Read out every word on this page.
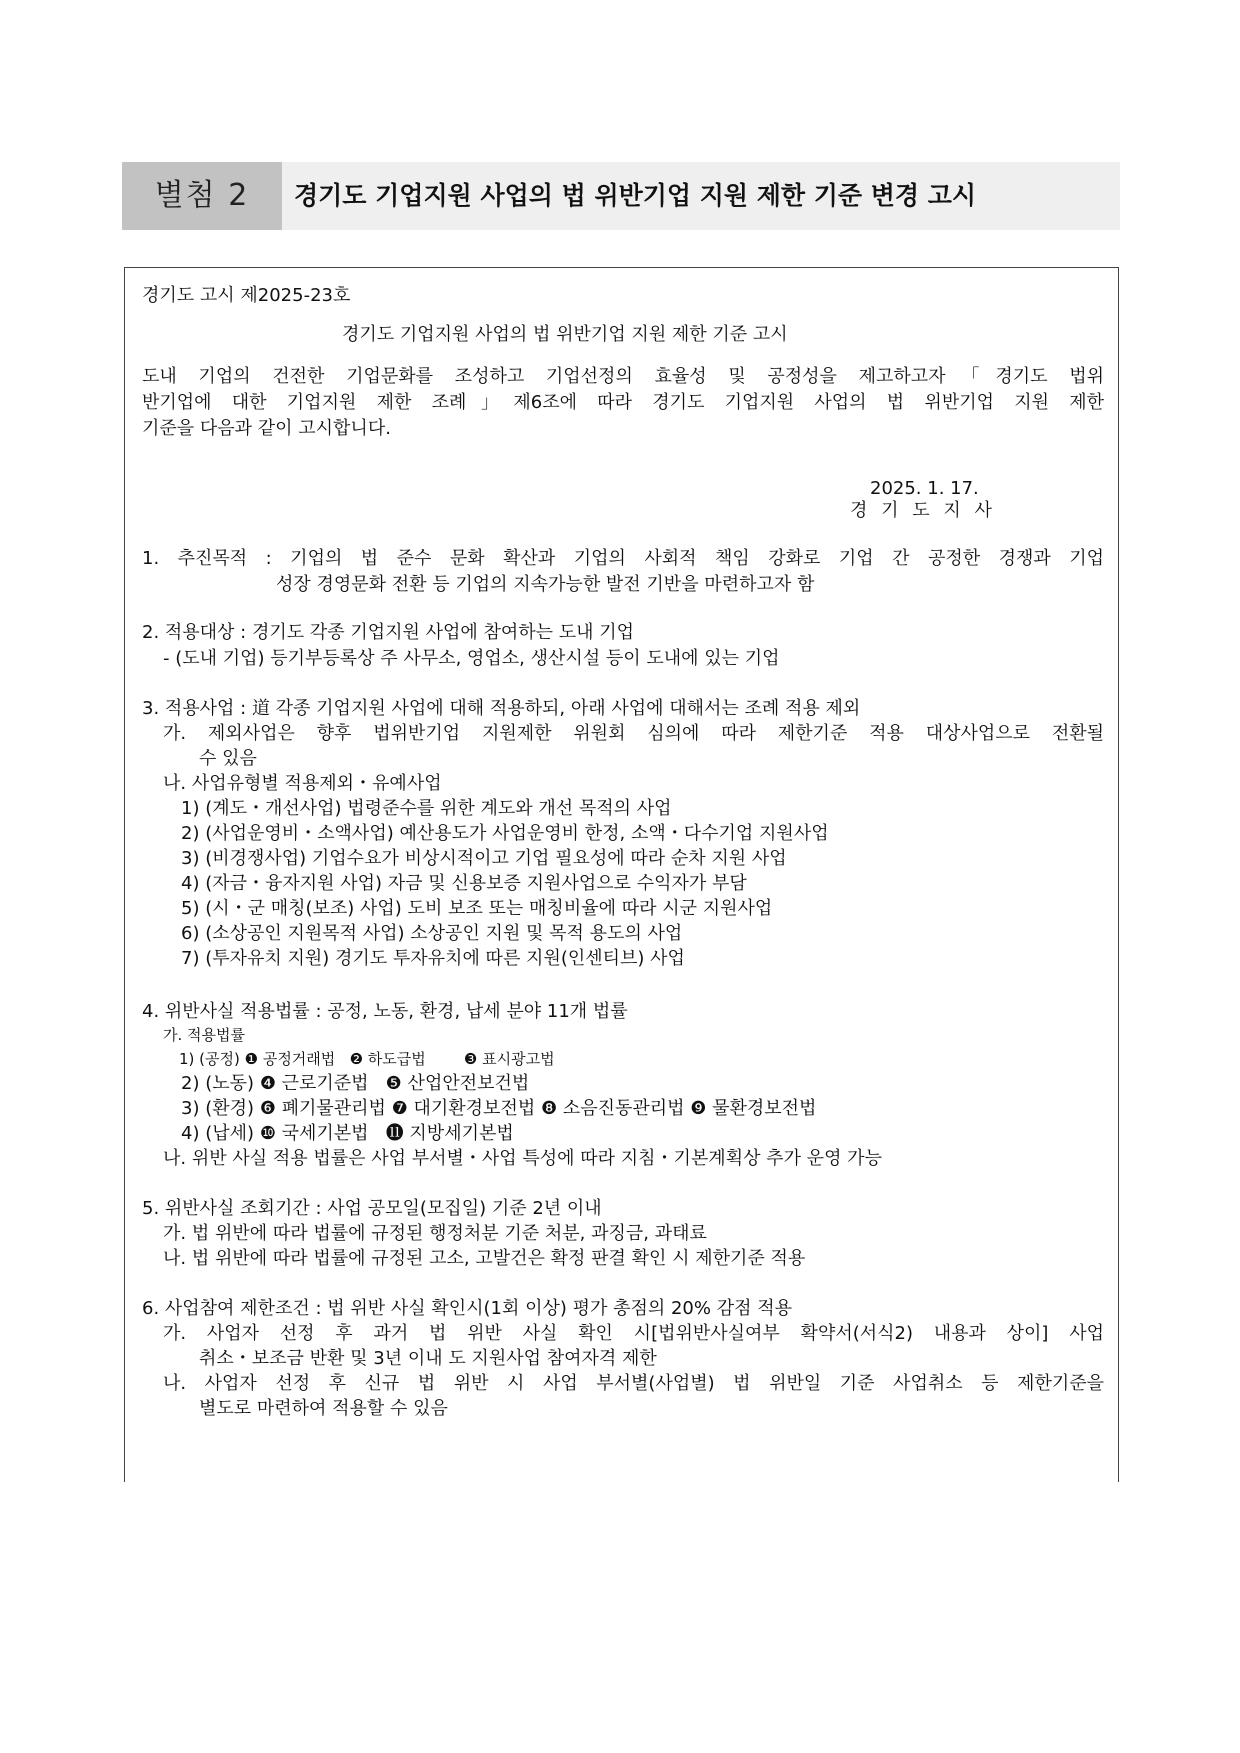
별첨 2	경기도 기업지원 사업의 법 위반기업 지원 제한 기준 변경 고시
경기도 고시 제2025-23호
경기도 기업지원 사업의 법 위반기업 지원 제한 기준 고시
도내 기업의 건전한 기업문화를 조성하고 기업선정의 효율성 및 공정성을 제고하고자「경기도 법위
반기업에 대한 기업지원 제한 조례」제6조에 따라 경기도 기업지원 사업의 법 위반기업 지원 제한
기준을 다음과 같이 고시합니다.
2025. 1. 17.
경 기 도 지 사
1. 추진목적 : 기업의 법 준수 문화 확산과 기업의 사회적 책임 강화로 기업 간 공정한 경쟁과 기업
성장 경영문화 전환 등 기업의 지속가능한 발전 기반을 마련하고자 함
2. 적용대상 : 경기도 각종 기업지원 사업에 참여하는 도내 기업
- (도내 기업) 등기부등록상 주 사무소, 영업소, 생산시설 등이 도내에 있는 기업
3. 적용사업 : 道 각종 기업지원 사업에 대해 적용하되, 아래 사업에 대해서는 조례 적용 제외
가. 제외사업은 향후 법위반기업 지원제한 위원회 심의에 따라 제한기준 적용 대상사업으로 전환될
수 있음
나. 사업유형별 적용제외・유예사업
1) (계도・개선사업) 법령준수를 위한 계도와 개선 목적의 사업
2) (사업운영비・소액사업) 예산용도가 사업운영비 한정, 소액・다수기업 지원사업
3) (비경쟁사업) 기업수요가 비상시적이고 기업 필요성에 따라 순차 지원 사업
4) (자금・융자지원 사업) 자금 및 신용보증 지원사업으로 수익자가 부담
5) (시・군 매칭(보조) 사업) 도비 보조 또는 매칭비율에 따라 시군 지원사업
6) (소상공인 지원목적 사업) 소상공인 지원 및 목적 용도의 사업
7) (투자유치 지원) 경기도 투자유치에 따른 지원(인센티브) 사업
4. 위반사실 적용법률 : 공정, 노동, 환경, 납세 분야 11개 법률
가. 적용법률
1) (공정) ❶ 공정거래법   ❷ 하도급법        ❸ 표시광고법
2) (노동) ❹ 근로기준법   ❺ 산업안전보건법
3) (환경) ❻ 폐기물관리법 ❼ 대기환경보전법 ❽ 소음진동관리법 ❾ 물환경보전법
4) (납세) ❿ 국세기본법   ⓫ 지방세기본법
나. 위반 사실 적용 법률은 사업 부서별・사업 특성에 따라 지침・기본계획상 추가 운영 가능
5. 위반사실 조회기간 : 사업 공모일(모집일) 기준 2년 이내
가. 법 위반에 따라 법률에 규정된 행정처분 기준 처분, 과징금, 과태료
나. 법 위반에 따라 법률에 규정된 고소, 고발건은 확정 판결 확인 시 제한기준 적용
6. 사업참여 제한조건 : 법 위반 사실 확인시(1회 이상) 평가 총점의 20% 감점 적용
가. 사업자 선정 후 과거 법 위반 사실 확인 시[법위반사실여부 확약서(서식2) 내용과 상이] 사업
취소・보조금 반환 및 3년 이내 도 지원사업 참여자격 제한
나. 사업자 선정 후 신규 법 위반 시 사업 부서별(사업별) 법 위반일 기준 사업취소 등 제한기준을
별도로 마련하여 적용할 수 있음
